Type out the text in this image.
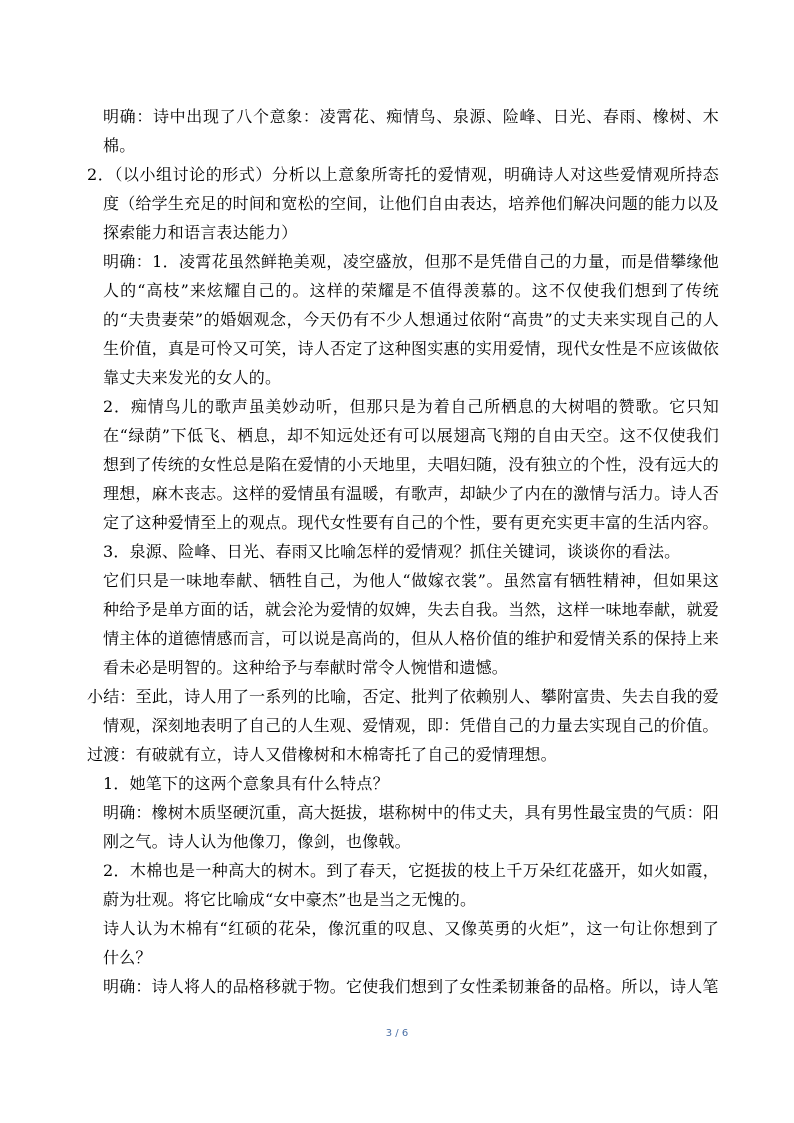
明确：诗中出现了八个意象：凌霄花、痴情鸟、泉源、险峰、日光、春雨、橡树、木棉。

2．（以小组讨论的形式）分析以上意象所寄托的爱情观，明确诗人对这些爱情观所持态度（给学生充足的时间和宽松的空间，让他们自由表达，培养他们解决问题的能力以及探索能力和语言表达能力）

明确：1．凌霄花虽然鲜艳美观，凌空盛放，但那不是凭借自己的力量，而是借攀缘他人的“高枝”来炫耀自己的。这样的荣耀是不值得羡慕的。这不仅使我们想到了传统的“夫贵妻荣”的婚姻观念，今天仍有不少人想通过依附“高贵”的丈夫来实现自己的人生价值，真是可怜又可笑，诗人否定了这种图实惠的实用爱情，现代女性是不应该做依靠丈夫来发光的女人的。

2．痴情鸟儿的歌声虽美妙动听，但那只是为着自己所栖息的大树唱的赞歌。它只知在“绿荫”下低飞、栖息，却不知远处还有可以展翅高飞翔的自由天空。这不仅使我们想到了传统的女性总是陷在爱情的小天地里，夫唱妇随，没有独立的个性，没有远大的理想，麻木丧志。这样的爱情虽有温暖，有歌声，却缺少了内在的激情与活力。诗人否定了这种爱情至上的观点。现代女性要有自己的个性，要有更充实更丰富的生活内容。

3．泉源、险峰、日光、春雨又比喻怎样的爱情观？抓住关键词，谈谈你的看法。

它们只是一味地奉献、牺牲自己，为他人“做嫁衣裳”。虽然富有牺牲精神，但如果这种给予是单方面的话，就会沦为爱情的奴婢，失去自我。当然，这样一味地奉献，就爱情主体的道德情感而言，可以说是高尚的，但从人格价值的维护和爱情关系的保持上来看未必是明智的。这种给予与奉献时常令人惋惜和遗憾。

小结：至此，诗人用了一系列的比喻，否定、批判了依赖别人、攀附富贵、失去自我的爱情观，深刻地表明了自己的人生观、爱情观，即：凭借自己的力量去实现自己的价值。

过渡：有破就有立，诗人又借橡树和木棉寄托了自己的爱情理想。

1．她笔下的这两个意象具有什么特点？

明确：橡树木质坚硬沉重，高大挺拔，堪称树中的伟丈夫，具有男性最宝贵的气质：阳刚之气。诗人认为他像刀，像剑，也像戟。

2．木棉也是一种高大的树木。到了春天，它挺拔的枝上千万朵红花盛开，如火如霞，蔚为壮观。将它比喻成“女中豪杰”也是当之无愧的。

诗人认为木棉有“红硕的花朵，像沉重的叹息、又像英勇的火炬”，这一句让你想到了什么？

明确：诗人将人的品格移就于物。它使我们想到了女性柔韧兼备的品格。所以，诗人笔

3 / 6
